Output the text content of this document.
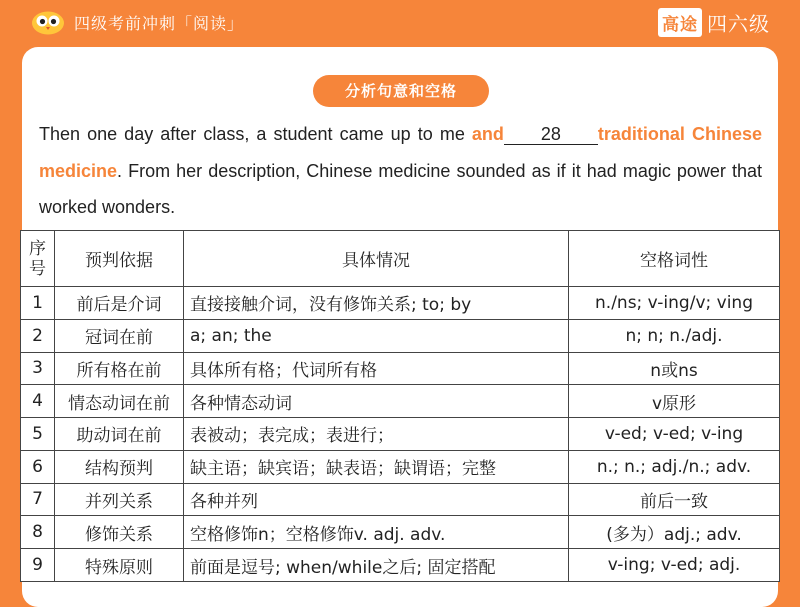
四级考前冲刺「阅读」	高途 四六级
分析句意和空格
Then one day after class, a student came up to me and 28 traditional Chinese medicine. From her description, Chinese medicine sounded as if it had magic power that worked wonders.
序
号	预判依据	具体情况	空格词性
1	前后是介词	直接接触介词，没有修饰关系; to; by	n./ns; v-ing/v; ving
2	冠词在前	a; an; the	n; n; n./adj.
3	所有格在前	具体所有格；代词所有格	n或ns
4	情态动词在前	各种情态动词	v原形
5	助动词在前	表被动；表完成；表进行；	v-ed; v-ed; v-ing
6	结构预判	缺主语；缺宾语；缺表语；缺谓语；完整	n.; n.; adj./n.; adv.
7	并列关系	各种并列	前后一致
8	修饰关系	空格修饰n；空格修饰v. adj. adv.	(多为）adj.; adv.
9	特殊原则	前面是逗号; when/while之后; 固定搭配	v-ing; v-ed; adj.
